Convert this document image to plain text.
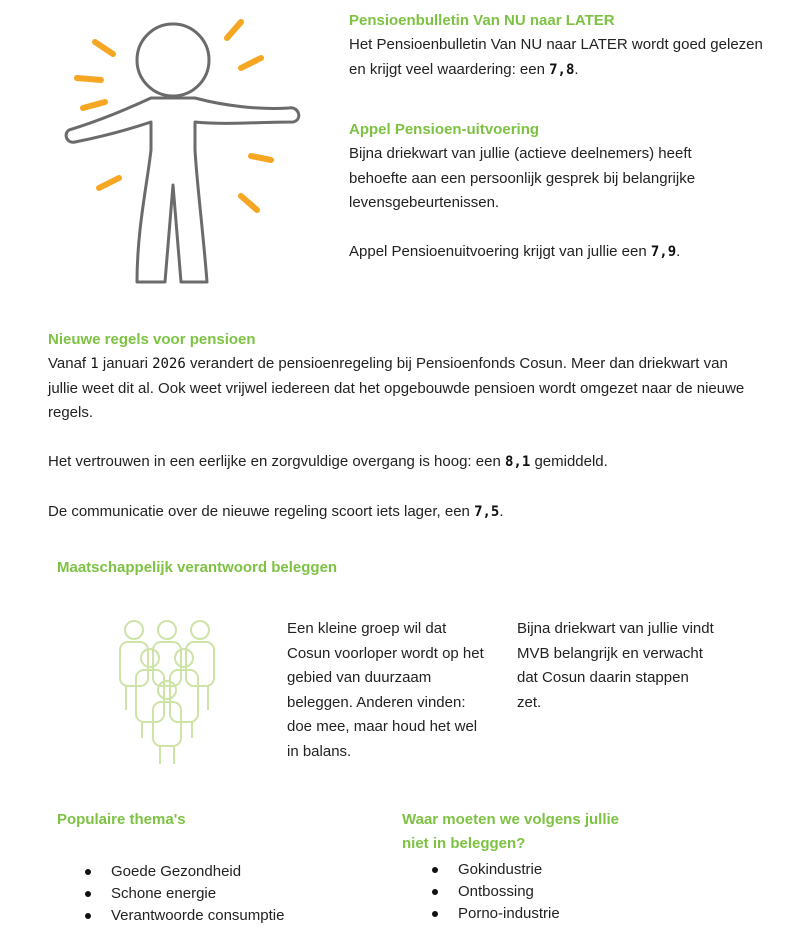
Pensioenbulletin Van NU naar LATER

Het Pensioenbulletin Van NU naar LATER wordt goed gelezen en krijgt veel waardering: een 7,8.

Appel Pensioen-uitvoering

Bijna driekwart van jullie (actieve deelnemers) heeft behoefte aan een persoonlijk gesprek bij belangrijke levensgebeurtenissen.

Appel Pensioenuitvoering krijgt van jullie een 7,9.

Nieuwe regels voor pensioen

Vanaf 1 januari 2026 verandert de pensioenregeling bij Pensioenfonds Cosun. Meer dan driekwart van jullie weet dit al. Ook weet vrijwel iedereen dat het opgebouwde pensioen wordt omgezet naar de nieuwe regels.

Het vertrouwen in een eerlijke en zorgvuldige overgang is hoog: een 8,1 gemiddeld.

De communicatie over de nieuwe regeling scoort iets lager, een 7,5.

Maatschappelijk verantwoord beleggen

Een kleine groep wil dat Cosun voorloper wordt op het gebied van duurzaam beleggen. Anderen vinden: doe mee, maar houd het wel in balans.

Bijna driekwart van jullie vindt MVB belangrijk en verwacht dat Cosun daarin stappen zet.

Populaire thema's

Goede Gezondheid
Schone energie
Verantwoorde consumptie

Waar moeten we volgens jullie

niet in beleggen?

Gokindustrie
Ontbossing
Porno-industrie
